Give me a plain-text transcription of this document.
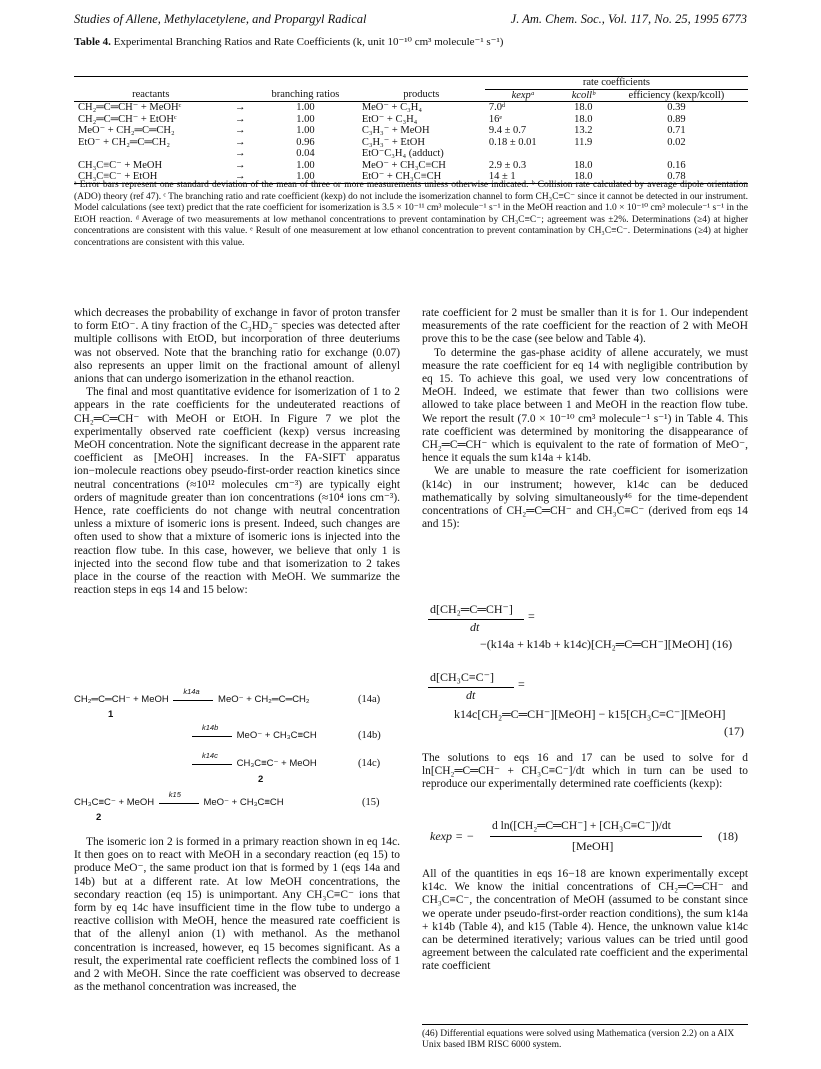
Studies of Allene, Methylacetylene, and Propargyl Radical	J. Am. Chem. Soc., Vol. 117, No. 25, 1995 6773
Table 4. Experimental Branching Ratios and Rate Coefficients (k, unit 10⁻¹⁰ cm³ molecule⁻¹ s⁻¹)
				rate coefficients		
reactants		branching ratios	products	kexpᵃ	kcollᵇ	efficiency (kexp/kcoll)
CH₂═C═CH⁻ + MeOHᶜ	→	1.00	MeO⁻ + C₃H₄	7.0ᵈ	18.0	0.39
CH₂═C═CH⁻ + EtOHᶜ	→	1.00	EtO⁻ + C₃H₄	16ᵉ	18.0	0.89
MeO⁻ + CH₂═C═CH₂	→	1.00	C₃H₃⁻ + MeOH	9.4 ± 0.7	13.2	0.71
EtO⁻ + CH₂═C═CH₂	→	0.96	C₃H₃⁻ + EtOH	0.18 ± 0.01	11.9	0.02
	→	0.04	EtO⁻C₃H₄ (adduct)			
CH₃C≡C⁻ + MeOH	→	1.00	MeO⁻ + CH₃C≡CH	2.9 ± 0.3	18.0	0.16
CH₃C≡C⁻ + EtOH	→	1.00	EtO⁻ + CH₃C≡CH	14 ± 1	18.0	0.78
ᵃ Error bars represent one standard deviation of the mean of three or more measurements unless otherwise indicated. ᵇ Collision rate calculated by average dipole orientation (ADO) theory (ref 47). ᶜ The branching ratio and rate coefficient (kexp) do not include the isomerization channel to form CH₃C≡C⁻ since it cannot be detected in our instrument. Model calculations (see text) predict that the rate coefficient for isomerization is 3.5 × 10⁻¹¹ cm³ molecule⁻¹ s⁻¹ in the MeOH reaction and 1.0 × 10⁻¹⁰ cm³ molecule⁻¹ s⁻¹ in the EtOH reaction. ᵈ Average of two measurements at low methanol concentrations to prevent contamination by CH₃C≡C⁻; agreement was ±2%. Determinations (≥4) at higher concentrations are consistent with this value. ᵉ Result of one measurement at low ethanol concentration to prevent contamination by CH₃C≡C⁻. Determinations (≥4) at higher concentrations are consistent with this value.

which decreases the probability of exchange in favor of proton transfer to form EtO⁻. A tiny fraction of the C₃HD₂⁻ species was detected after multiple collisons with EtOD, but incorporation of three deuteriums was not observed. Note that the branching ratio for exchange (0.07) also represents an upper limit on the fractional amount of allenyl anions that can undergo isomerization in the ethanol reaction.

The final and most quantitative evidence for isomerization of 1 to 2 appears in the rate coefficients for the undeuterated reactions of CH₂═C═CH⁻ with MeOH or EtOH. In Figure 7 we plot the experimentally observed rate coefficient (kexp) versus increasing MeOH concentration. Note the significant decrease in the apparent rate coefficient as [MeOH] increases. In the FA-SIFT apparatus ion−molecule reactions obey pseudo-first-order reaction kinetics since neutral concentrations (≈10¹² molecules cm⁻³) are typically eight orders of magnitude greater than ion concentrations (≈10⁴ ions cm⁻³). Hence, rate coefficients do not change with neutral concentration unless a mixture of isomeric ions is present. Indeed, such changes are often used to show that a mixture of isomeric ions is injected into the reaction flow tube. In this case, however, we believe that only 1 is injected into the second flow tube and that isomerization to 2 takes place in the course of the reaction with MeOH. We summarize the reaction steps in eqs 14 and 15 below:

CH₂═C═CH⁻ + MeOH
k14a
MeO⁻ + CH₂═C═CH₂
1
(14a)
k14b
MeO⁻ + CH₃C≡CH	(14b)
k14c
CH₃C≡C⁻ + MeOH
2
(14c)
CH₃C≡C⁻ + MeOH
k15
MeO⁻ + CH₃C≡CH
2
(15)

The isomeric ion 2 is formed in a primary reaction shown in eq 14c. It then goes on to react with MeOH in a secondary reaction (eq 15) to produce MeO⁻, the same product ion that is formed by 1 (eqs 14a and 14b) but at a different rate. At low MeOH concentrations, the secondary reaction (eq 15) is unimportant. Any CH₃C≡C⁻ ions that form by eq 14c have insufficient time in the flow tube to undergo a reactive collision with MeOH, hence the measured rate coefficient is that of the allenyl anion (1) with methanol. As the methanol concentration is increased, however, eq 15 becomes significant. As a result, the experimental rate coefficient reflects the combined loss of 1 and 2 with MeOH. Since the rate coefficient was observed to decrease as the methanol concentration was increased, the

rate coefficient for 2 must be smaller than it is for 1. Our independent measurements of the rate coefficient for the reaction of 2 with MeOH prove this to be the case (see below and Table 4).

To determine the gas-phase acidity of allene accurately, we must measure the rate coefficient for eq 14 with negligible contribution by eq 15. To achieve this goal, we used very low concentrations of MeOH. Indeed, we estimate that fewer than two collisions were allowed to take place between 1 and MeOH in the reaction flow tube. We report the result (7.0 × 10⁻¹⁰ cm³ molecule⁻¹ s⁻¹) in Table 4. This rate coefficient was determined by monitoring the disappearance of CH₂═C═CH⁻ which is equivalent to the rate of formation of MeO⁻, hence it equals the sum k14a + k14b.

We are unable to measure the rate coefficient for isomerization (k14c) in our instrument; however, k14c can be deduced mathematically by solving simultaneously⁴⁶ for the time-dependent concentrations of CH₂═C═CH⁻ and CH₃C≡C⁻ (derived from eqs 14 and 15):

d[CH₂═C═CH⁻]
dt
=
−(k14a + k14b + k14c)[CH₂═C═CH⁻][MeOH] (16)
d[CH₃C≡C⁻]
dt
=
k14c[CH₂═C═CH⁻][MeOH] − k15[CH₃C≡C⁻][MeOH]
(17)

The solutions to eqs 16 and 17 can be used to solve for d ln[CH₂═C═CH⁻ + CH₃C≡C⁻]/dt which in turn can be used to reproduce our experimentally determined rate coefficients (kexp):

kexp = −
d ln([CH₂═C═CH⁻] + [CH₃C≡C⁻])/dt
[MeOH]
(18)

All of the quantities in eqs 16−18 are known experimentally except k14c. We know the initial concentrations of CH₂═C═CH⁻ and CH₃C≡C⁻, the concentration of MeOH (assumed to be constant since we operate under pseudo-first-order reaction conditions), the sum k14a + k14b (Table 4), and k15 (Table 4). Hence, the unknown value k14c can be determined iteratively; various values can be tried until good agreement between the calculated rate coefficient and the experimental rate coefficient

(46) Differential equations were solved using Mathematica (version 2.2) on a AIX Unix based IBM RISC 6000 system.
